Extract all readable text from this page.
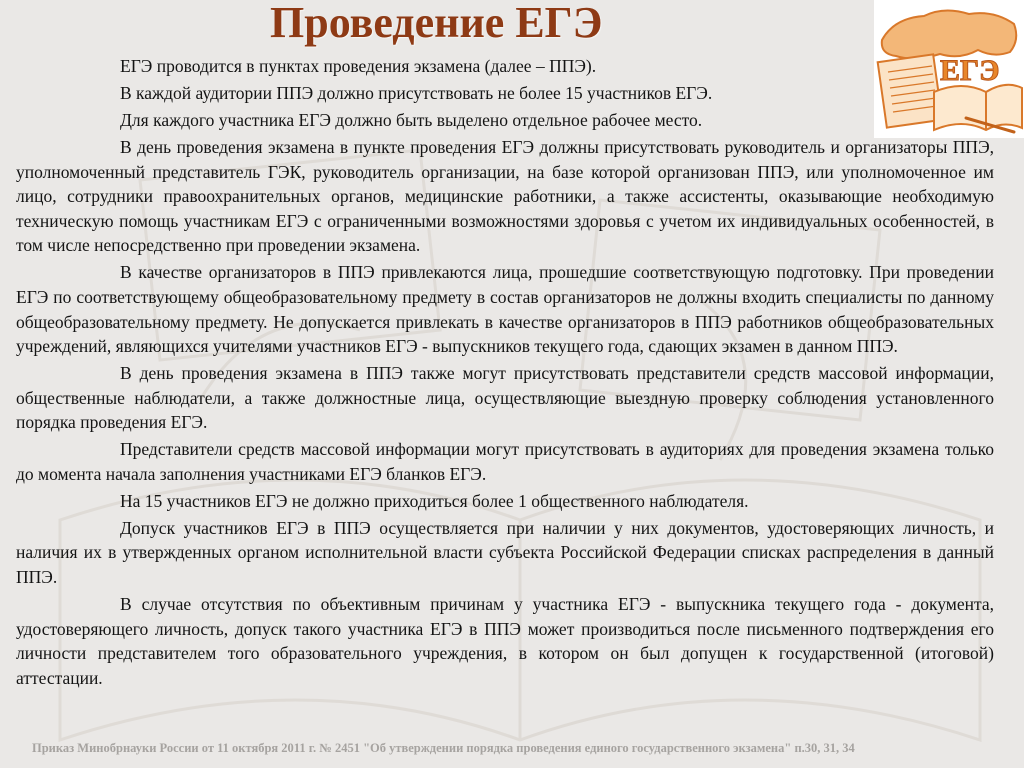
Проведение ЕГЭ
ЕГЭ

ЕГЭ проводится в пунктах проведения экзамена (далее – ППЭ).

В каждой аудитории ППЭ должно присутствовать не более 15 участников ЕГЭ.

Для каждого участника ЕГЭ должно быть выделено отдельное рабочее место.

В день проведения экзамена в пункте проведения ЕГЭ должны присутствовать руководитель и организаторы ППЭ, уполномоченный представитель ГЭК, руководитель организации, на базе которой организован ППЭ, или уполномоченное им лицо, сотрудники правоохранительных органов, медицинские работники, а также ассистенты, оказывающие необходимую техническую помощь участникам ЕГЭ с ограниченными возможностями здоровья с учетом их индивидуальных особенностей, в том числе непосредственно при проведении экзамена.

В качестве организаторов в ППЭ привлекаются лица, прошедшие соответствующую подготовку. При проведении ЕГЭ по соответствующему общеобразовательному предмету в состав организаторов не должны входить специалисты по данному общеобразовательному предмету. Не допускается привлекать в качестве организаторов в ППЭ работников общеобразовательных учреждений, являющихся учителями участников ЕГЭ - выпускников текущего года, сдающих экзамен в данном ППЭ.

В день проведения экзамена в ППЭ также могут присутствовать представители средств массовой информации, общественные наблюдатели, а также должностные лица, осуществляющие выездную проверку соблюдения установленного порядка проведения ЕГЭ.

Представители средств массовой информации могут присутствовать в аудиториях для проведения экзамена только до момента начала заполнения участниками ЕГЭ бланков ЕГЭ.

На 15 участников ЕГЭ не должно приходиться более 1 общественного наблюдателя.

Допуск участников ЕГЭ в ППЭ осуществляется при наличии у них документов, удостоверяющих личность, и наличия их в утвержденных органом исполнительной власти субъекта Российской Федерации списках распределения в данный ППЭ.

В случае отсутствия по объективным причинам у участника ЕГЭ - выпускника текущего года - документа, удостоверяющего личность, допуск такого участника ЕГЭ в ППЭ может производиться после письменного подтверждения его личности представителем того образовательного учреждения, в котором он был допущен к государственной (итоговой) аттестации.

Приказ Минобрнауки России от 11 октября 2011 г. № 2451 "Об утверждении порядка проведения единого государственного экзамена" п.30, 31, 34
